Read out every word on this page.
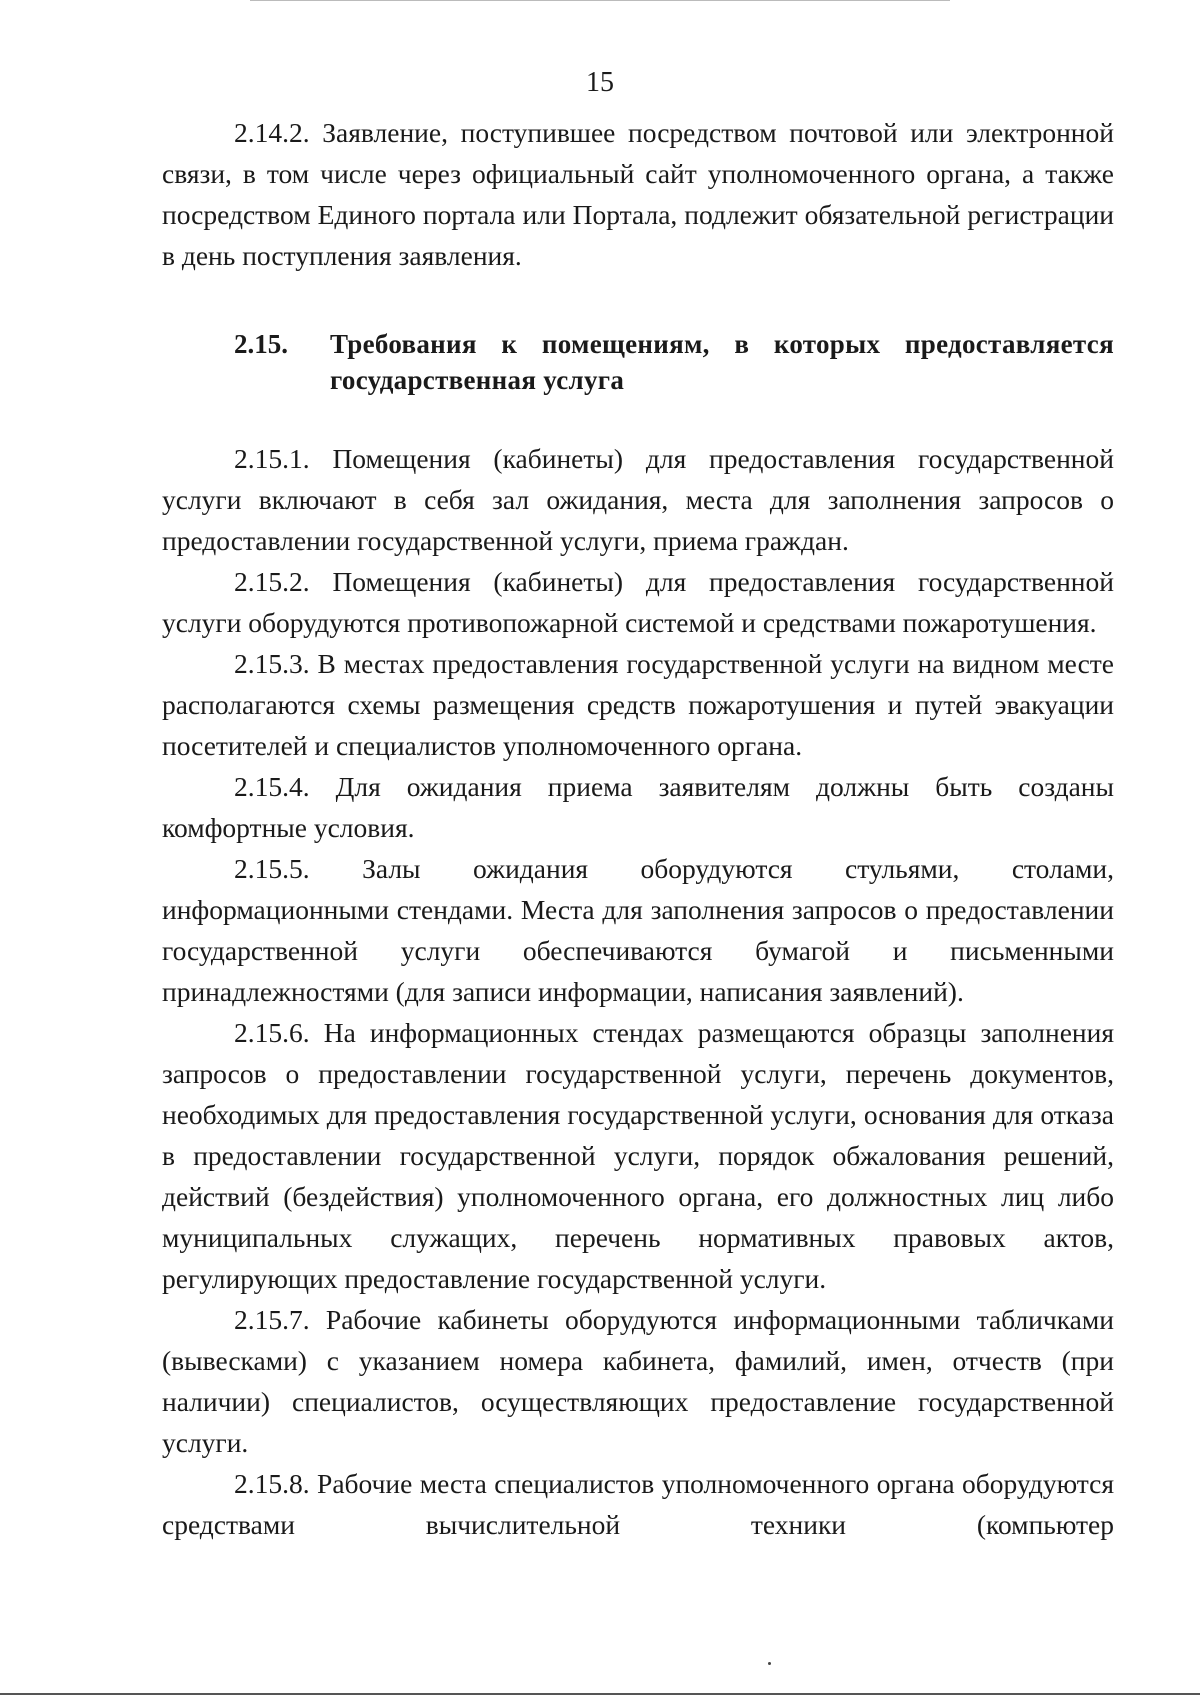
15

2.14.2. Заявление, поступившее посредством почтовой или электронной связи, в том числе через официальный сайт уполномоченного органа, а также посредством Единого портала или Портала, подлежит обязательной регистрации в день поступления заявления.

2.15.	Требования к помещениям, в которых предоставляется государственная услуга

2.15.1. Помещения (кабинеты) для предоставления государственной услуги включают в себя зал ожидания, места для заполнения запросов о предоставлении государственной услуги, приема граждан.

2.15.2. Помещения (кабинеты) для предоставления государственной услуги оборудуются противопожарной системой и средствами пожаротушения.

2.15.3. В местах предоставления государственной услуги на видном месте располагаются схемы размещения средств пожаротушения и путей эвакуации посетителей и специалистов уполномоченного органа.

2.15.4. Для ожидания приема заявителям должны быть созданы комфортные условия.

2.15.5. Залы ожидания оборудуются стульями, столами, информационными стендами. Места для заполнения запросов о предоставлении государственной услуги обеспечиваются бумагой и письменными принадлежностями (для записи информации, написания заявлений).

2.15.6. На информационных стендах размещаются образцы заполнения запросов о предоставлении государственной услуги, перечень документов, необходимых для предоставления государственной услуги, основания для отказа в предоставлении государственной услуги, порядок обжалования решений, действий (бездействия) уполномоченного органа, его должностных лиц либо муниципальных служащих, перечень нормативных правовых актов, регулирующих предоставление государственной услуги.

2.15.7. Рабочие кабинеты оборудуются информационными табличками (вывесками) с указанием номера кабинета, фамилий, имен, отчеств (при наличии) специалистов, осуществляющих предоставление государственной услуги.

2.15.8. Рабочие места специалистов уполномоченного органа оборудуются средствами вычислительной техники (компьютер
